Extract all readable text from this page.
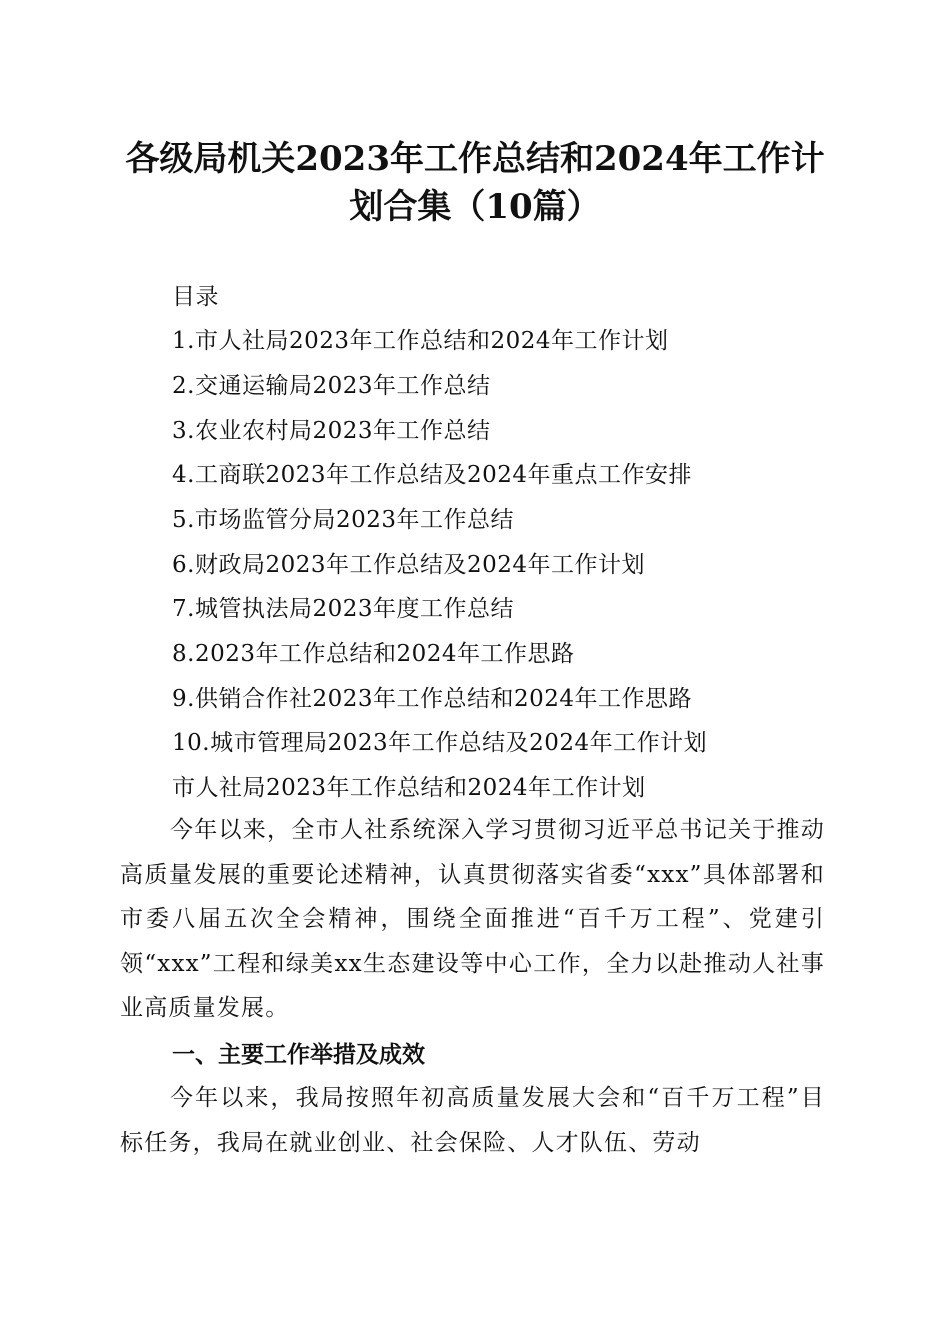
各级局机关2023年工作总结和2024年工作计
划合集（10篇）

目录

1.市人社局2023年工作总结和2024年工作计划

2.交通运输局2023年工作总结

3.农业农村局2023年工作总结

4.工商联2023年工作总结及2024年重点工作安排

5.市场监管分局2023年工作总结

6.财政局2023年工作总结及2024年工作计划

7.城管执法局2023年度工作总结

8.2023年工作总结和2024年工作思路

9.供销合作社2023年工作总结和2024年工作思路

10.城市管理局2023年工作总结及2024年工作计划

市人社局2023年工作总结和2024年工作计划

今年以来，全市人社系统深入学习贯彻习近平总书记关于推动高质量发展的重要论述精神，认真贯彻落实省委“xxx”具体部署和市委八届五次全会精神，围绕全面推进“百千万工程”、党建引领“xxx”工程和绿美xx生态建设等中心工作，全力以赴推动人社事业高质量发展。

一、主要工作举措及成效

今年以来，我局按照年初高质量发展大会和“百千万工程”目标任务，我局在就业创业、社会保险、人才队伍、劳动
